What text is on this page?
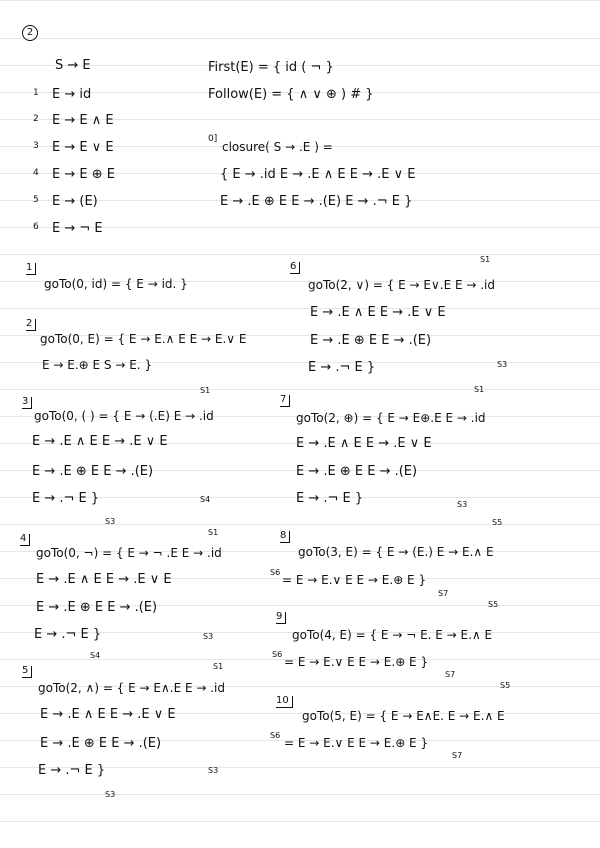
2
S → E
1 E → id
2 E → E ∧ E
3 E → E ∨ E
4 E → E ⊕ E
5 E → (E)
6 E → ¬ E
First(E) = { id ( ¬ }
Follow(E) = { ∧ ∨ ⊕ ) # }
0]
closure( S → .E ) =
{ E → .id E → .E ∧ E E → .E ∨ E
E → .E ⊕ E E → .(E) E → .¬ E }
1
goTo(0, id) = { E → id. }
2
goTo(0, E) = { E → E.∧ E E → E.∨ E
E → E.⊕ E S → E. }
3
goTo(0, ( ) = { E → (.E) E → .id
E → .E ∧ E E → .E ∨ E
E → .E ⊕ E E → .(E)
E → .¬ E }
S1
S4
S3
4
goTo(0, ¬) = { E → ¬ .E E → .id
E → .E ∧ E E → .E ∨ E
E → .E ⊕ E E → .(E)
E → .¬ E }
S1
S3
S4
5
goTo(2, ∧) = { E → E∧.E E → .id
E → .E ∧ E E → .E ∨ E
E → .E ⊕ E E → .(E)
E → .¬ E }
S1
S3
S3
6
goTo(2, ∨) = { E → E∨.E E → .id
E → .E ∧ E E → .E ∨ E
E → .E ⊕ E E → .(E)
E → .¬ E }
S1
S3
7
goTo(2, ⊕) = { E → E⊕.E E → .id
E → .E ∧ E E → .E ∨ E
E → .E ⊕ E E → .(E)
E → .¬ E }
S1
S3
8
goTo(3, E) = { E → (E.) E → E.∧ E
= E → E.∨ E E → E.⊕ E }
S5
S6
S7
9
goTo(4, E) = { E → ¬ E. E → E.∧ E
= E → E.∨ E E → E.⊕ E }
S5
S6
S7
10
goTo(5, E) = { E → E∧E. E → E.∧ E
= E → E.∨ E E → E.⊕ E }
S5
S6
S7
